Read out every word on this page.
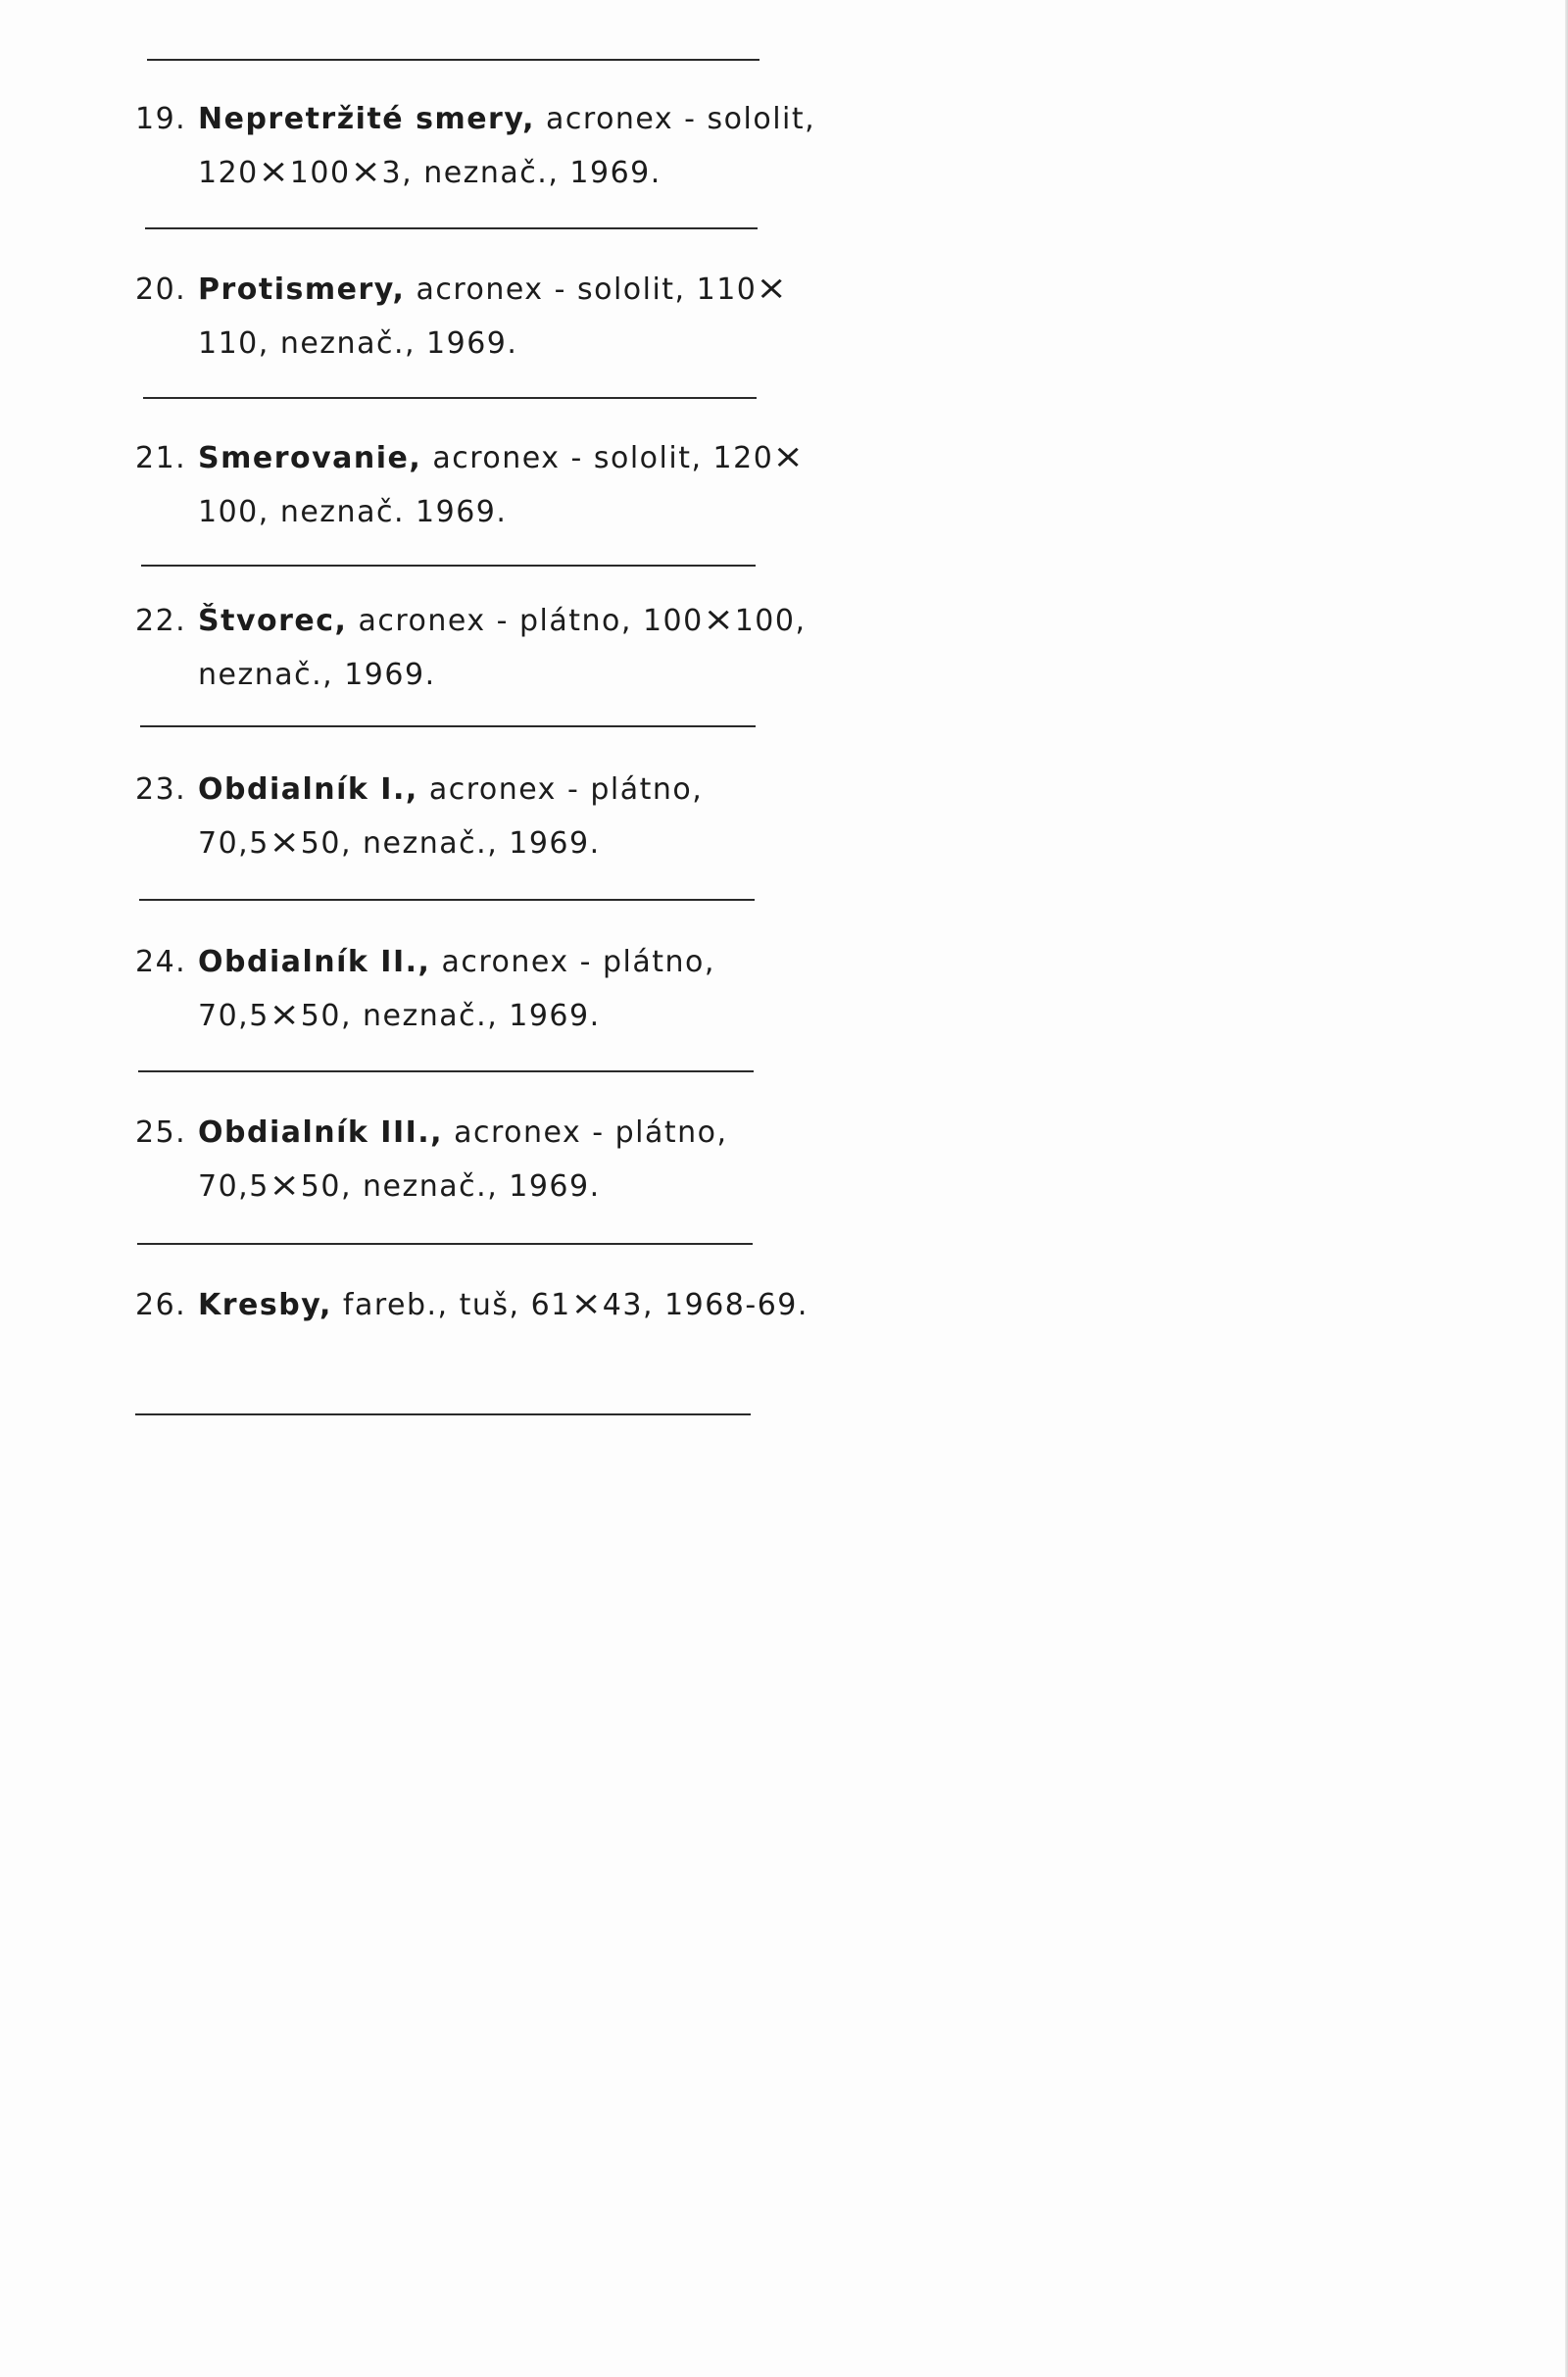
19. Nepretržité smery, acronex - sololit,
120×100×3, neznač., 1969.
20. Protismery, acronex - sololit, 110×
110, neznač., 1969.
21. Smerovanie, acronex - sololit, 120×
100, neznač. 1969.
22. Štvorec, acronex - plátno, 100×100,
neznač., 1969.
23. Obdialník I., acronex - plátno,
70,5×50, neznač., 1969.
24. Obdialník II., acronex - plátno,
70,5×50, neznač., 1969.
25. Obdialník III., acronex - plátno,
70,5×50, neznač., 1969.
26. Kresby, fareb., tuš, 61×43, 1968-69.
